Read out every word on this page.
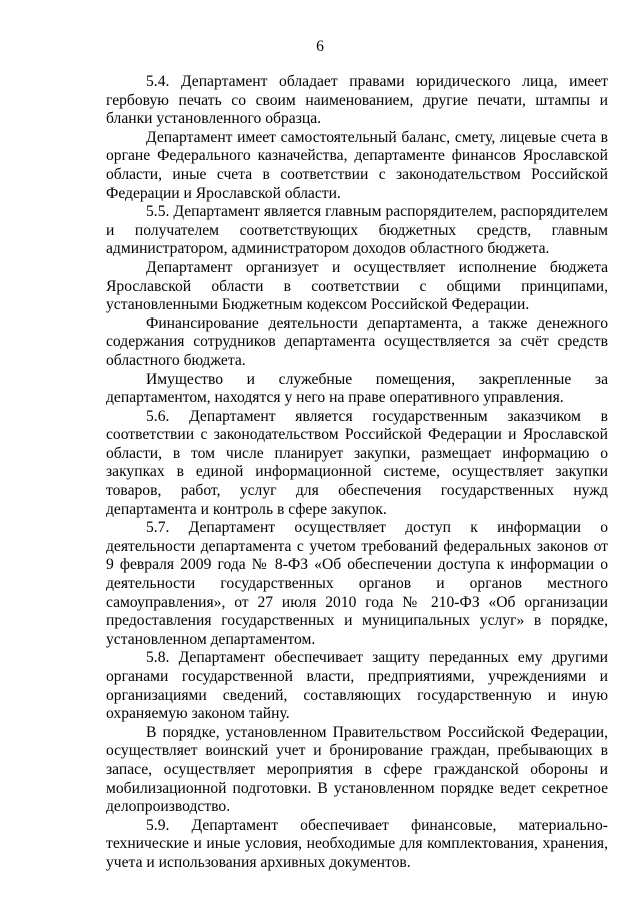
6

5.4. Департамент обладает правами юридического лица, имеет гербовую печать со своим наименованием, другие печати, штампы и бланки установленного образца.

Департамент имеет самостоятельный баланс, смету, лицевые счета в органе Федерального казначейства, департаменте финансов Ярославской области, иные счета в соответствии с законодательством Российской Федерации и Ярославской области.

5.5. Департамент является главным распорядителем, распорядителем и получателем соответствующих бюджетных средств, главным администратором, администратором доходов областного бюджета.

Департамент организует и осуществляет исполнение бюджета Ярославской области в соответствии с общими принципами, установленными Бюджетным кодексом Российской Федерации.

Финансирование деятельности департамента, а также денежного содержания сотрудников департамента осуществляется за счёт средств областного бюджета.

Имущество и служебные помещения, закрепленные за департаментом, находятся у него на праве оперативного управления.

5.6. Департамент является государственным заказчиком в соответствии с законодательством Российской Федерации и Ярославской области, в том числе планирует закупки, размещает информацию о закупках в единой информационной системе, осуществляет закупки товаров, работ, услуг для обеспечения государственных нужд департамента и контроль в сфере закупок.

5.7. Департамент осуществляет доступ к информации о деятельности департамента с учетом требований федеральных законов от 9 февраля 2009 года № 8-ФЗ «Об обеспечении доступа к информации о деятельности государственных органов и органов местного самоуправления», от 27 июля 2010 года № 210-ФЗ «Об организации предоставления государственных и муниципальных услуг» в порядке, установленном департаментом.

5.8. Департамент обеспечивает защиту переданных ему другими органами государственной власти, предприятиями, учреждениями и организациями сведений, составляющих государственную и иную охраняемую законом тайну.

В порядке, установленном Правительством Российской Федерации, осуществляет воинский учет и бронирование граждан, пребывающих в запасе, осуществляет мероприятия в сфере гражданской обороны и мобилизационной подготовки. В установленном порядке ведет секретное делопроизводство.

5.9. Департамент обеспечивает финансовые, материально-технические и иные условия, необходимые для комплектования, хранения, учета и использования архивных документов.
